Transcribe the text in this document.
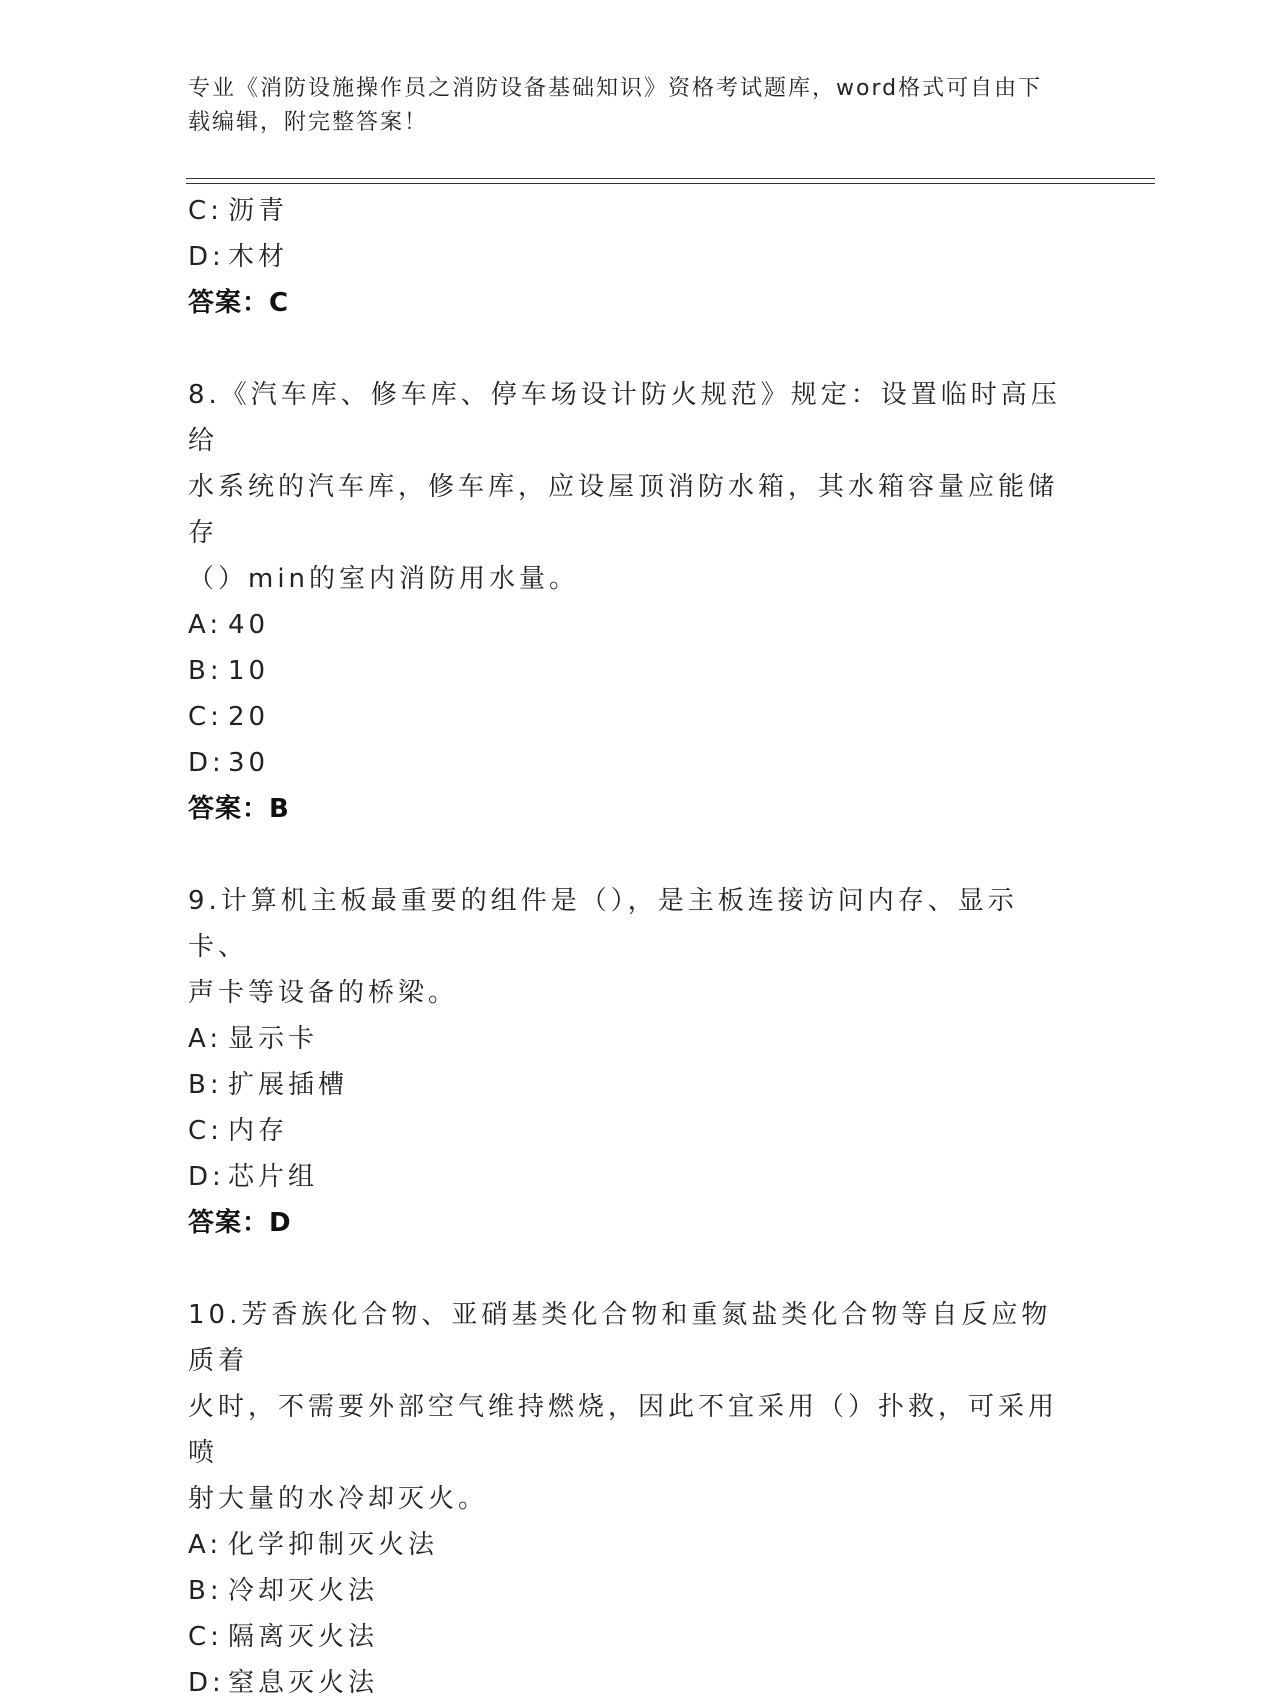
专业《消防设施操作员之消防设备基础知识》资格考试题库，word格式可自由下
载编辑，附完整答案！
C: 沥青
D: 木材
答案：C
8.《汽车库、修车库、停车场设计防火规范》规定：设置临时高压给
水系统的汽车库，修车库，应设屋顶消防水箱，其水箱容量应能储存
（）min的室内消防用水量。
A: 40
B: 10
C: 20
D: 30
答案：B
9.计算机主板最重要的组件是（），是主板连接访问内存、显示卡、
声卡等设备的桥梁。
A: 显示卡
B: 扩展插槽
C: 内存
D: 芯片组
答案：D
10.芳香族化合物、亚硝基类化合物和重氮盐类化合物等自反应物质着
火时，不需要外部空气维持燃烧，因此不宜采用（）扑救，可采用喷
射大量的水冷却灭火。
A: 化学抑制灭火法
B: 冷却灭火法
C: 隔离灭火法
D: 窒息灭火法
